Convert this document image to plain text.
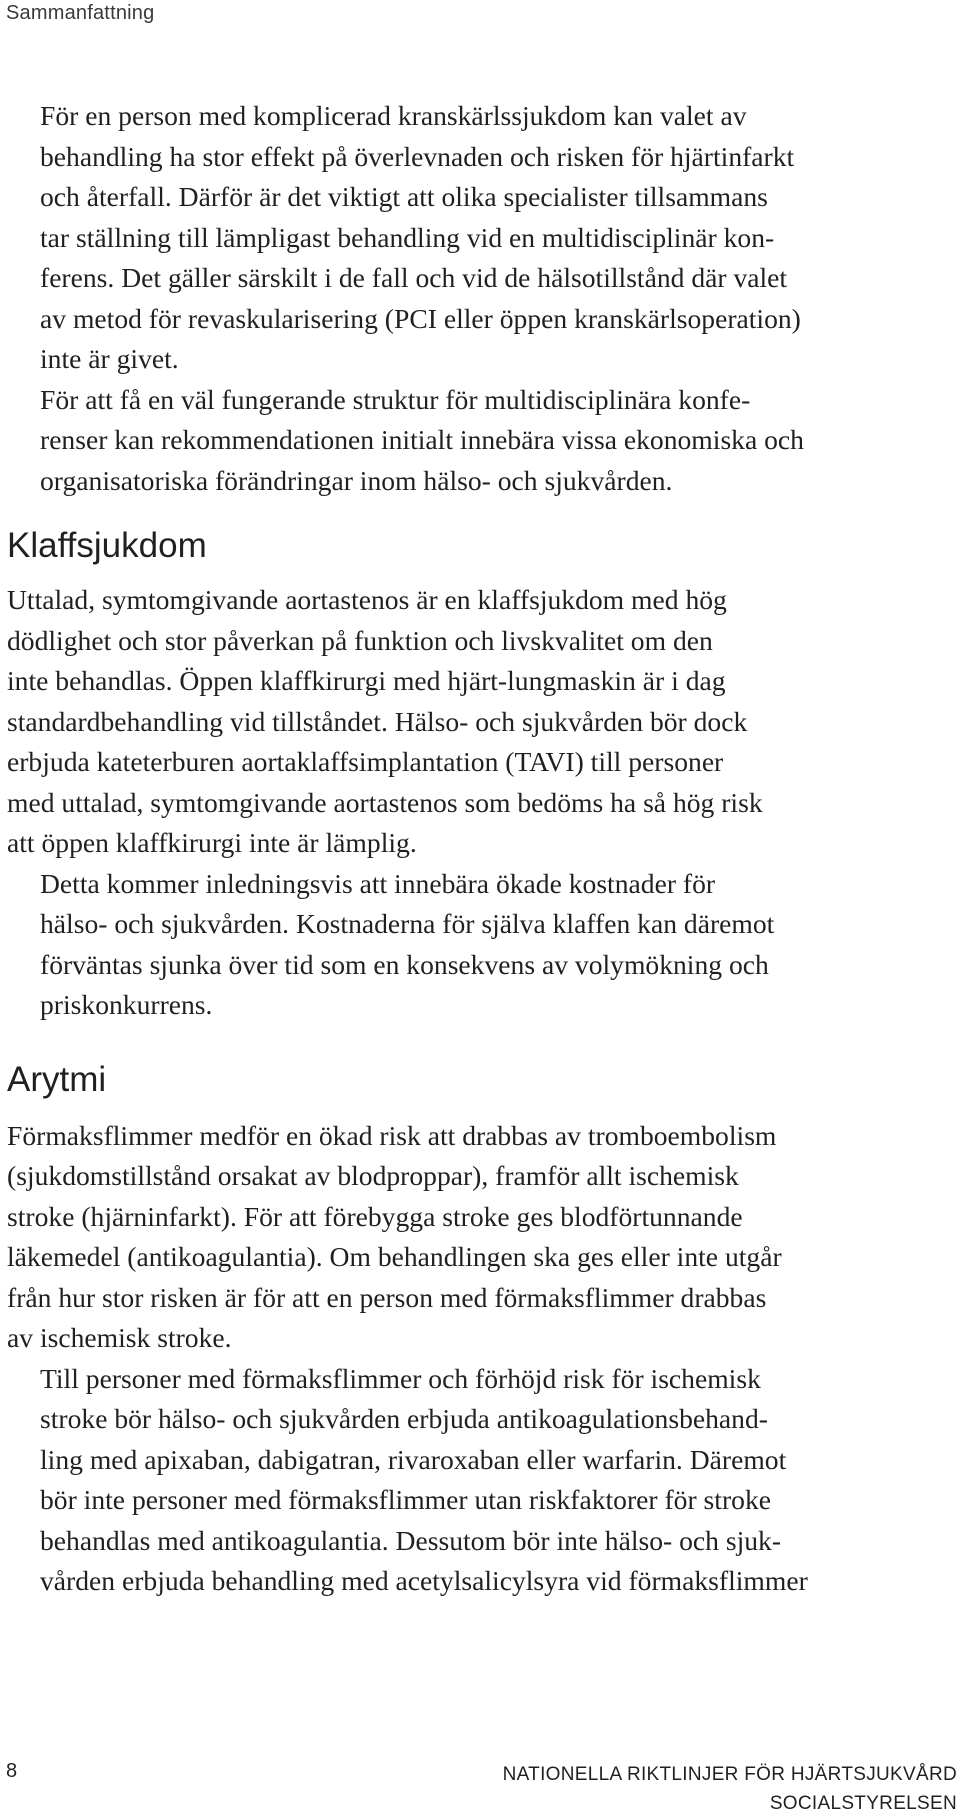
Sammanfattning

För en person med komplicerad kranskärlssjukdom kan valet av
behandling ha stor effekt på överlevnaden och risken för hjärtinfarkt
och återfall. Därför är det viktigt att olika specialister tillsammans
tar ställning till lämpligast behandling vid en multidisciplinär kon-
ferens. Det gäller särskilt i de fall och vid de hälsotillstånd där valet
av metod för revaskularisering (PCI eller öppen kranskärlsoperation)
inte är givet.

För att få en väl fungerande struktur för multidisciplinära konfe-
renser kan rekommendationen initialt innebära vissa ekonomiska och
organisatoriska förändringar inom hälso- och sjukvården.

Klaffsjukdom

Uttalad, symtomgivande aortastenos är en klaffsjukdom med hög
dödlighet och stor påverkan på funktion och livskvalitet om den
inte behandlas. Öppen klaffkirurgi med hjärt-lungmaskin är i dag
standardbehandling vid tillståndet. Hälso- och sjukvården bör dock
erbjuda kateterburen aortaklaffsimplantation (TAVI) till personer
med uttalad, symtomgivande aortastenos som bedöms ha så hög risk
att öppen klaffkirurgi inte är lämplig.

Detta kommer inledningsvis att innebära ökade kostnader för
hälso- och sjukvården. Kostnaderna för själva klaffen kan däremot
förväntas sjunka över tid som en konsekvens av volymökning och
priskonkurrens.

Arytmi

Förmaksflimmer medför en ökad risk att drabbas av tromboembolism
(sjukdomstillstånd orsakat av blodproppar), framför allt ischemisk
stroke (hjärninfarkt). För att förebygga stroke ges blodförtunnande
läkemedel (antikoagulantia). Om behandlingen ska ges eller inte utgår
från hur stor risken är för att en person med förmaksflimmer drabbas
av ischemisk stroke.

Till personer med förmaksflimmer och förhöjd risk för ischemisk
stroke bör hälso- och sjukvården erbjuda antikoagulationsbehand-
ling med apixaban, dabigatran, rivaroxaban eller warfarin. Däremot
bör inte personer med förmaksflimmer utan riskfaktorer för stroke
behandlas med antikoagulantia. Dessutom bör inte hälso- och sjuk-
vården erbjuda behandling med acetylsalicylsyra vid förmaksflimmer

8	NATIONELLA RIKTLINJER FÖR HJÄRTSJUKVÅRD
SOCIALSTYRELSEN
